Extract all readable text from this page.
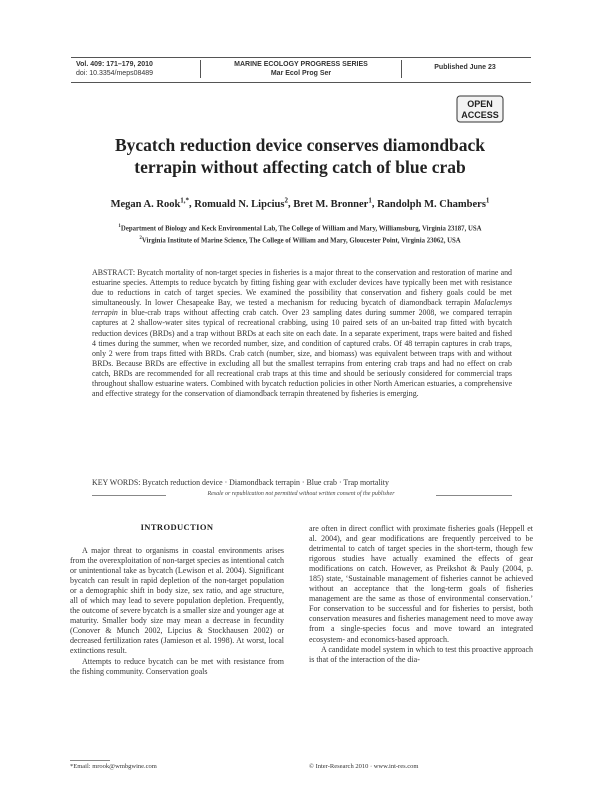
Vol. 409: 171–179, 2010
doi: 10.3354/meps08489
MARINE ECOLOGY PROGRESS SERIES
Mar Ecol Prog Ser
Published June 23
OPEN
ACCESS
Bycatch reduction device conserves diamondback
terrapin without affecting catch of blue crab
Megan A. Rook$^{1,*}$, Romuald N. Lipcius$^2$, Bret M. Bronner$^1$, Randolph M. Chambers$^1$
$^1$Department of Biology and Keck Environmental Lab, The College of William and Mary, Williamsburg, Virginia 23187, USA
$^2$Virginia Institute of Marine Science, The College of William and Mary, Gloucester Point, Virginia 23062, USA
ABSTRACT: Bycatch mortality of non-target species in fisheries is a major threat to the conservation and restoration of marine and estuarine species. Attempts to reduce bycatch by fitting fishing gear with excluder devices have typically been met with resistance due to reductions in catch of target species. We examined the possibility that conservation and fishery goals could be met simultaneously. In lower Chesapeake Bay, we tested a mechanism for reducing bycatch of diamondback terrapin Malaclemys terrapin in blue-crab traps without affecting crab catch. Over 23 sampling dates during summer 2008, we compared terrapin captures at 2 shallow-water sites typical of recreational crabbing, using 10 paired sets of an un-baited trap fitted with bycatch reduction devices (BRDs) and a trap without BRDs at each site on each date. In a separate experiment, traps were baited and fished 4 times during the summer, when we recorded number, size, and condition of captured crabs. Of 48 terrapin captures in crab traps, only 2 were from traps fitted with BRDs. Crab catch (number, size, and biomass) was equivalent between traps with and without BRDs. Because BRDs are effective in excluding all but the smallest terrapins from entering crab traps and had no effect on crab catch, BRDs are recommended for all recreational crab traps at this time and should be seriously considered for commercial traps throughout shallow estuarine waters. Combined with bycatch reduction policies in other North American estuaries, a comprehensive and effective strategy for the conservation of diamondback terrapin threatened by fisheries is emerging.
KEY WORDS: Bycatch reduction device · Diamondback terrapin · Blue crab · Trap mortality
Resale or republication not permitted without written consent of the publisher
INTRODUCTION

A major threat to organisms in coastal environments arises from the overexploitation of non-target species as intentional catch or unintentional take as bycatch (Lewison et al. 2004). Significant bycatch can result in rapid depletion of the non-target population or a demographic shift in body size, sex ratio, and age structure, all of which may lead to severe population depletion. Frequently, the outcome of severe bycatch is a smaller size and younger age at maturity. Smaller body size may mean a decrease in fecundity (Conover & Munch 2002, Lipcius & Stockhausen 2002) or decreased fertilization rates (Jamieson et al. 1998). At worst, local extinctions result.

Attempts to reduce bycatch can be met with resistance from the fishing community. Conservation goals

are often in direct conflict with proximate fisheries goals (Heppell et al. 2004), and gear modifications are frequently perceived to be detrimental to catch of target species in the short-term, though few rigorous studies have actually examined the effects of gear modifications on catch. However, as Preikshot & Pauly (2004, p. 185) state, ‘Sustainable management of fisheries cannot be achieved without an acceptance that the long-term goals of fisheries management are the same as those of environmental conservation.’ For conservation to be successful and for fisheries to persist, both conservation measures and fisheries management need to move away from a single-species focus and move toward an integrated ecosystem- and economics-based approach.

A candidate model system in which to test this proactive approach is that of the interaction of the dia-

*Email: mrook@wmbgwine.com	© Inter-Research 2010 · www.int-res.com
